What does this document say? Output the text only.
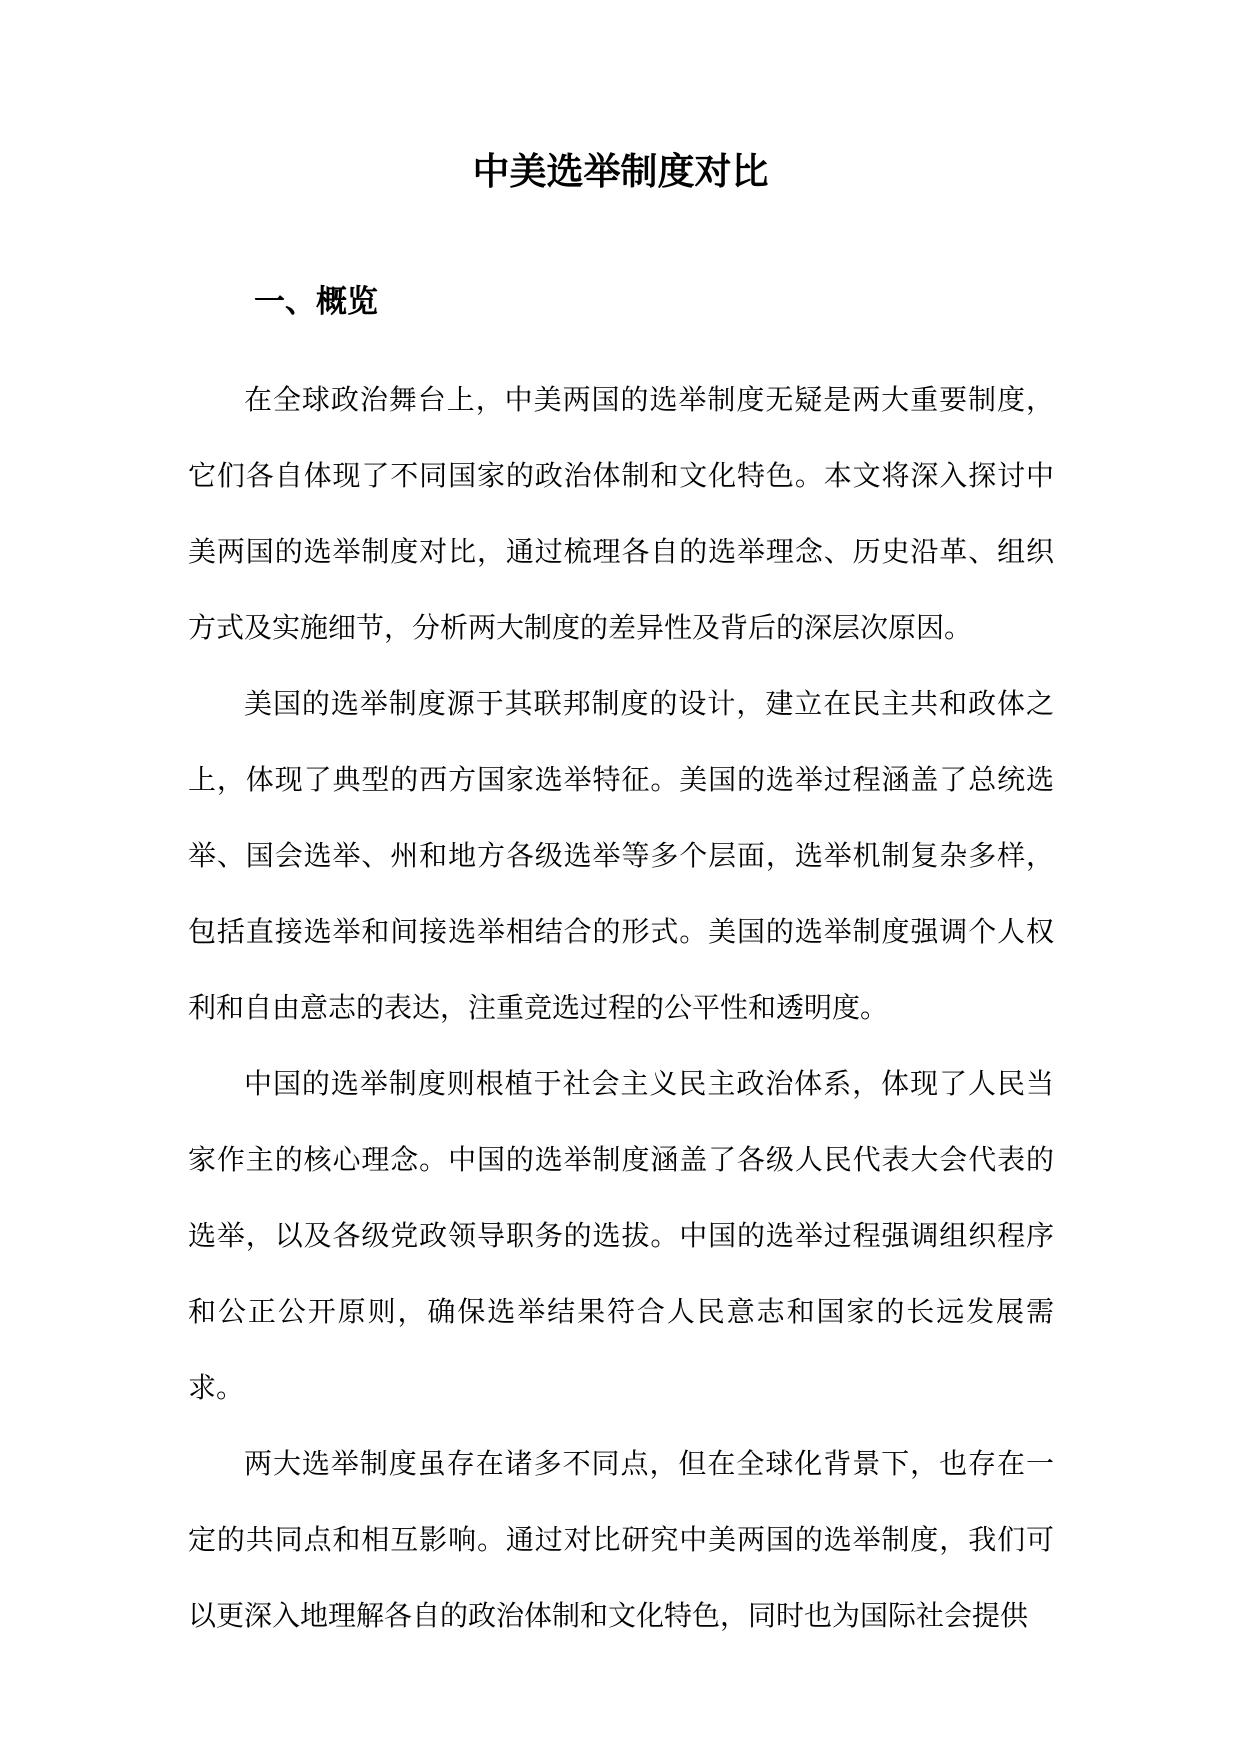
中美选举制度对比
一、概览

在全球政治舞台上，中美两国的选举制度无疑是两大重要制度，它们各自体现了不同国家的政治体制和文化特色。本文将深入探讨中美两国的选举制度对比，通过梳理各自的选举理念、历史沿革、组织方式及实施细节，分析两大制度的差异性及背后的深层次原因。

美国的选举制度源于其联邦制度的设计，建立在民主共和政体之上，体现了典型的西方国家选举特征。美国的选举过程涵盖了总统选举、国会选举、州和地方各级选举等多个层面，选举机制复杂多样，包括直接选举和间接选举相结合的形式。美国的选举制度强调个人权利和自由意志的表达，注重竞选过程的公平性和透明度。

中国的选举制度则根植于社会主义民主政治体系，体现了人民当家作主的核心理念。中国的选举制度涵盖了各级人民代表大会代表的选举，以及各级党政领导职务的选拔。中国的选举过程强调组织程序和公正公开原则，确保选举结果符合人民意志和国家的长远发展需求。

两大选举制度虽存在诸多不同点，但在全球化背景下，也存在一定的共同点和相互影响。通过对比研究中美两国的选举制度，我们可以更深入地理解各自的政治体制和文化特色，同时也为国际社会提供
